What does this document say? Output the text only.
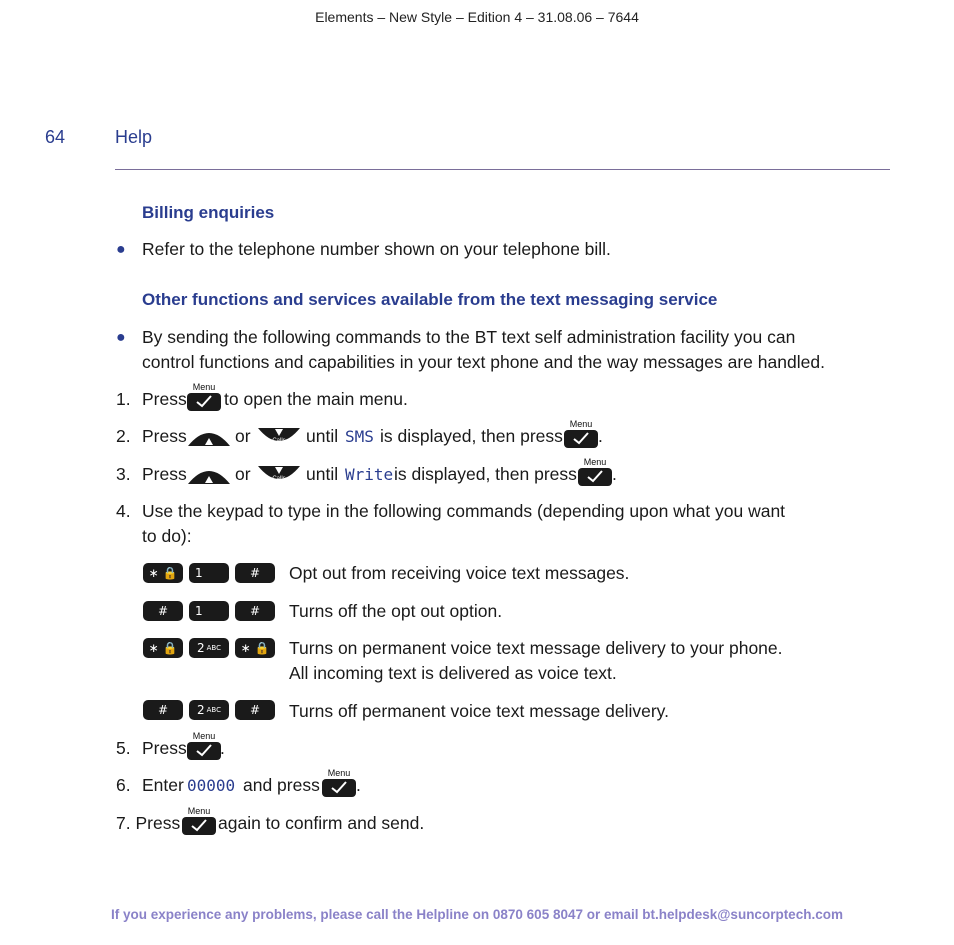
Elements – New Style – Edition 4 – 31.08.06 – 7644
64	Help
Billing enquiries
● Refer to the telephone number shown on your telephone bill.
Other functions and services available from the text messaging service
● By sending the following commands to the BT text self administration facility you can
control functions and capabilities in your text phone and the way messages are handled.
1. Press
Menu
to open the main menu.
2. Press	Redial	or	Calls	until SMS is displayed, then press
Menu
.
3. Press	Redial	or	Calls	until Write is displayed, then press
Menu
.
4. Use the keypad to type in the following commands (depending upon what you want
to do):
∗ 🔒	1	#	Opt out from receiving voice text messages.
#	1	#	Turns off the opt out option.
∗ 🔒	2 $^{ABC}$	∗ 🔒	Turns on permanent voice text message delivery to your phone.
All incoming text is delivered as voice text.
#	2 $^{ABC}$	#	Turns off permanent voice text message delivery.
5. Press
Menu
.
6. Enter 00000 and press
Menu
.
7. Press
Menu
again to confirm and send.
If you experience any problems, please call the Helpline on 0870 605 8047 or email bt.helpdesk@suncorptech.com
